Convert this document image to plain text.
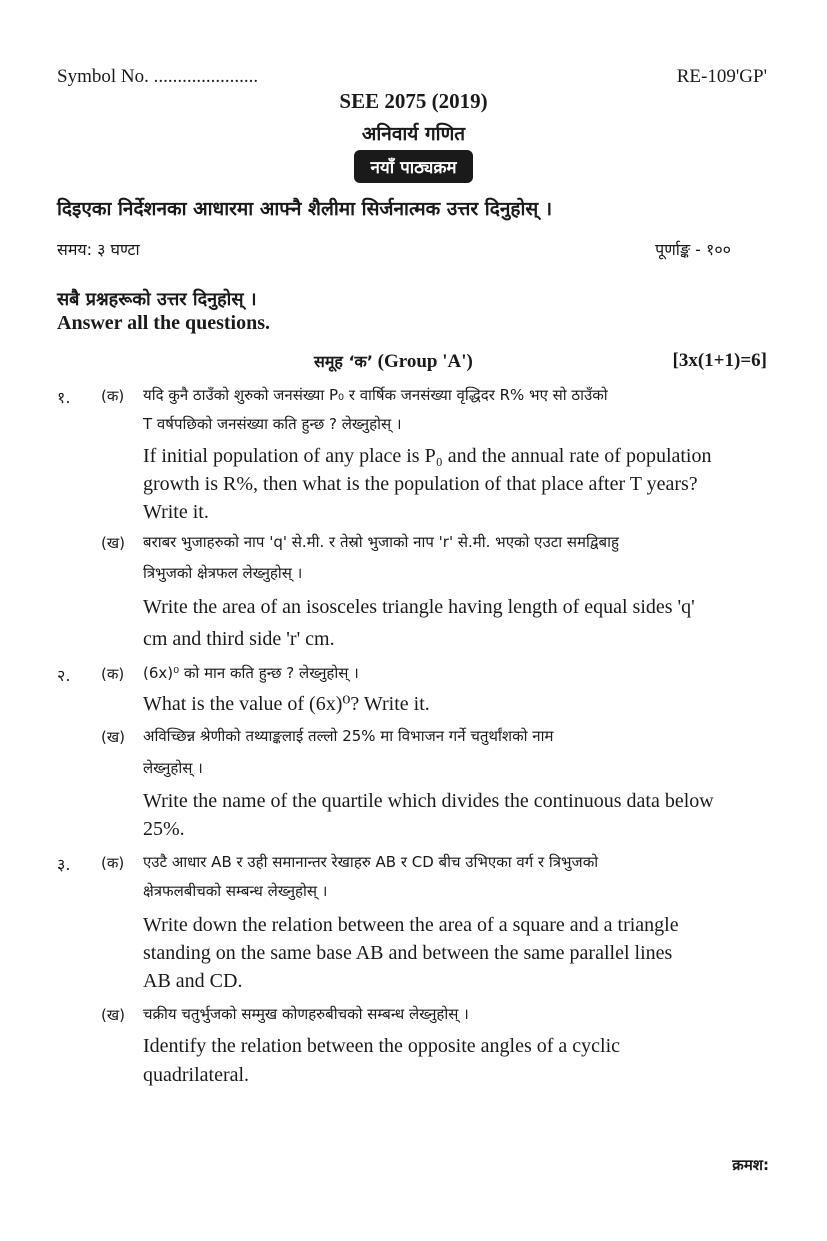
Symbol No. ......................	RE-109'GP'
SEE 2075 (2019)
अनिवार्य गणित
नयाँ पाठ्यक्रम
दिइएका निर्देशनका आधारमा आफ्नै शैलीमा सिर्जनात्मक उत्तर दिनुहोस् ।
समय: ३ घण्टा	पूर्णाङ्क - १००
सबै प्रश्नहरूको उत्तर दिनुहोस् ।
Answer all the questions.
समूह ‘क’ (Group 'A')	[3x(1+1)=6]
१. (क) यदि कुनै ठाउँको शुरुको जनसंख्या P₀ र वार्षिक जनसंख्या वृद्धिदर R% भए सो ठाउँको
T वर्षपछिको जनसंख्या कति हुन्छ ? लेख्नुहोस् ।
If initial population of any place is P₀ and the annual rate of population
growth is R%, then what is the population of that place after T years?
Write it.
(ख) बराबर भुजाहरुको नाप 'q' से.मी. र तेस्रो भुजाको नाप 'r' से.मी. भएको एउटा समद्विबाहु
त्रिभुजको क्षेत्रफल लेख्नुहोस् ।
Write the area of an isosceles triangle having length of equal sides 'q'
cm and third side 'r' cm.
२. (क) (6x)⁰ को मान कति हुन्छ ? लेख्नुहोस् ।
What is the value of (6x)⁰? Write it.
(ख) अविच्छिन्न श्रेणीको तथ्याङ्कलाई तल्लो 25% मा विभाजन गर्ने चतुर्थांशको नाम
लेख्नुहोस् ।
Write the name of the quartile which divides the continuous data below
25%.
३. (क) एउटै आधार AB र उही समानान्तर रेखाहरु AB र CD बीच उभिएका वर्ग र त्रिभुजको
क्षेत्रफलबीचको सम्बन्ध लेख्नुहोस् ।
Write down the relation between the area of a square and a triangle
standing on the same base AB and between the same parallel lines
AB and CD.
(ख) चक्रीय चतुर्भुजको सम्मुख कोणहरुबीचको सम्बन्ध लेख्नुहोस् ।
Identify the relation between the opposite angles of a cyclic
quadrilateral.
क्रमश:
